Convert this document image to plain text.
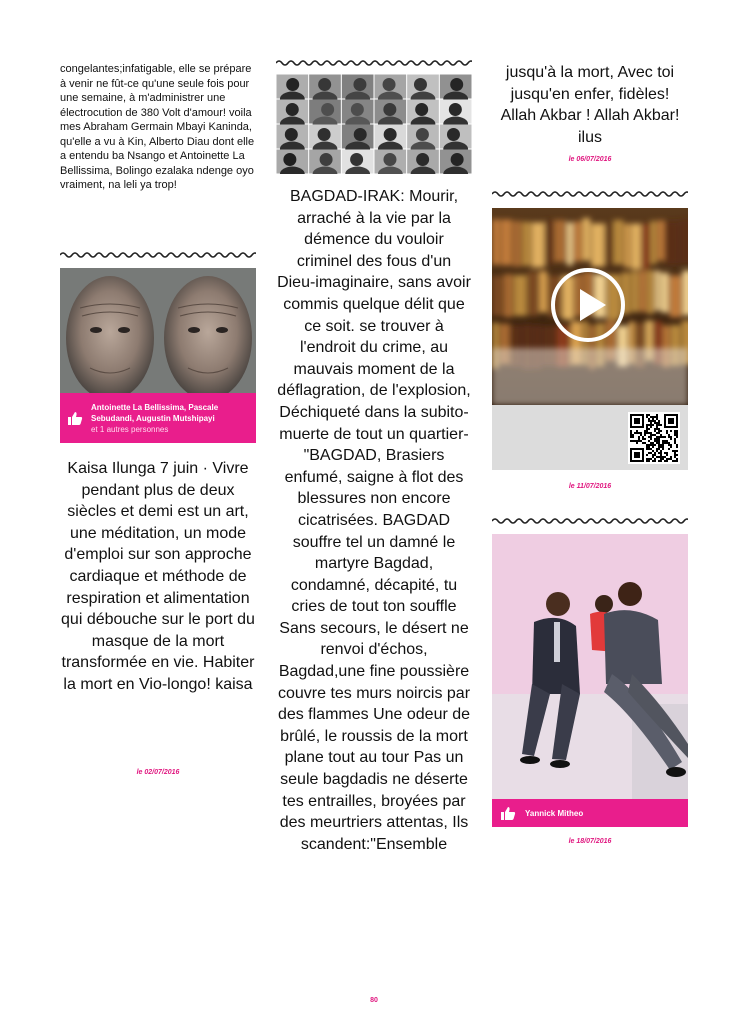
congelantes;infatigable, elle se prépare à venir ne fût-ce qu'une seule fois pour une semaine, à m'administrer une électrocution de 380 Volt d'amour! voila mes Abraham Germain Mbayi Kaninda, qu'elle a vu à Kin, Alberto Diau dont elle a entendu ba Nsango et Antoinette La Bellissima, Bolingo ezalaka ndenge oyo vraiment, na leli ya trop!
Antoinette La Bellissima, Pascale Sebudandi, Augustin Mutshipayi
et 1 autres personnes
Kaisa Ilunga 7 juin · Vivre pendant plus de deux siècles et demi est un art, une méditation, un mode d'emploi sur son approche cardiaque et méthode de respiration et alimentation qui débouche sur le port du masque de la mort transformée en vie. Habiter la mort en Vio-longo! kaisa
le 02/07/2016
BAGDAD-IRAK: Mourir, arraché à la vie par la démence du vouloir criminel des fous d'un Dieu-imaginaire, sans avoir commis quelque délit que ce soit. se trouver à l'endroit du crime, au mauvais moment de la déflagration, de l'explosion, Déchiqueté dans la subito-muerte de tout un quartier- "BAGDAD, Brasiers enfumé, saigne à flot des blessures non encore cicatrisées. BAGDAD souffre tel un damné le martyre Bagdad, condamné, décapité, tu cries de tout ton souffle Sans secours, le désert ne renvoi d'échos, Bagdad,une fine poussière couvre tes murs noircis par des flammes Une odeur de brûlé, le roussis de la mort plane tout au tour Pas un seule bagdadis ne déserte tes entrailles, broyées par des meurtriers attentas, Ils scandent:"Ensemble
jusqu'à la mort, Avec toi jusqu'en enfer, fidèles! Allah Akbar ! Allah Akbar! ilus
le 06/07/2016
le 11/07/2016
Yannick Mitheo
le 18/07/2016
80
